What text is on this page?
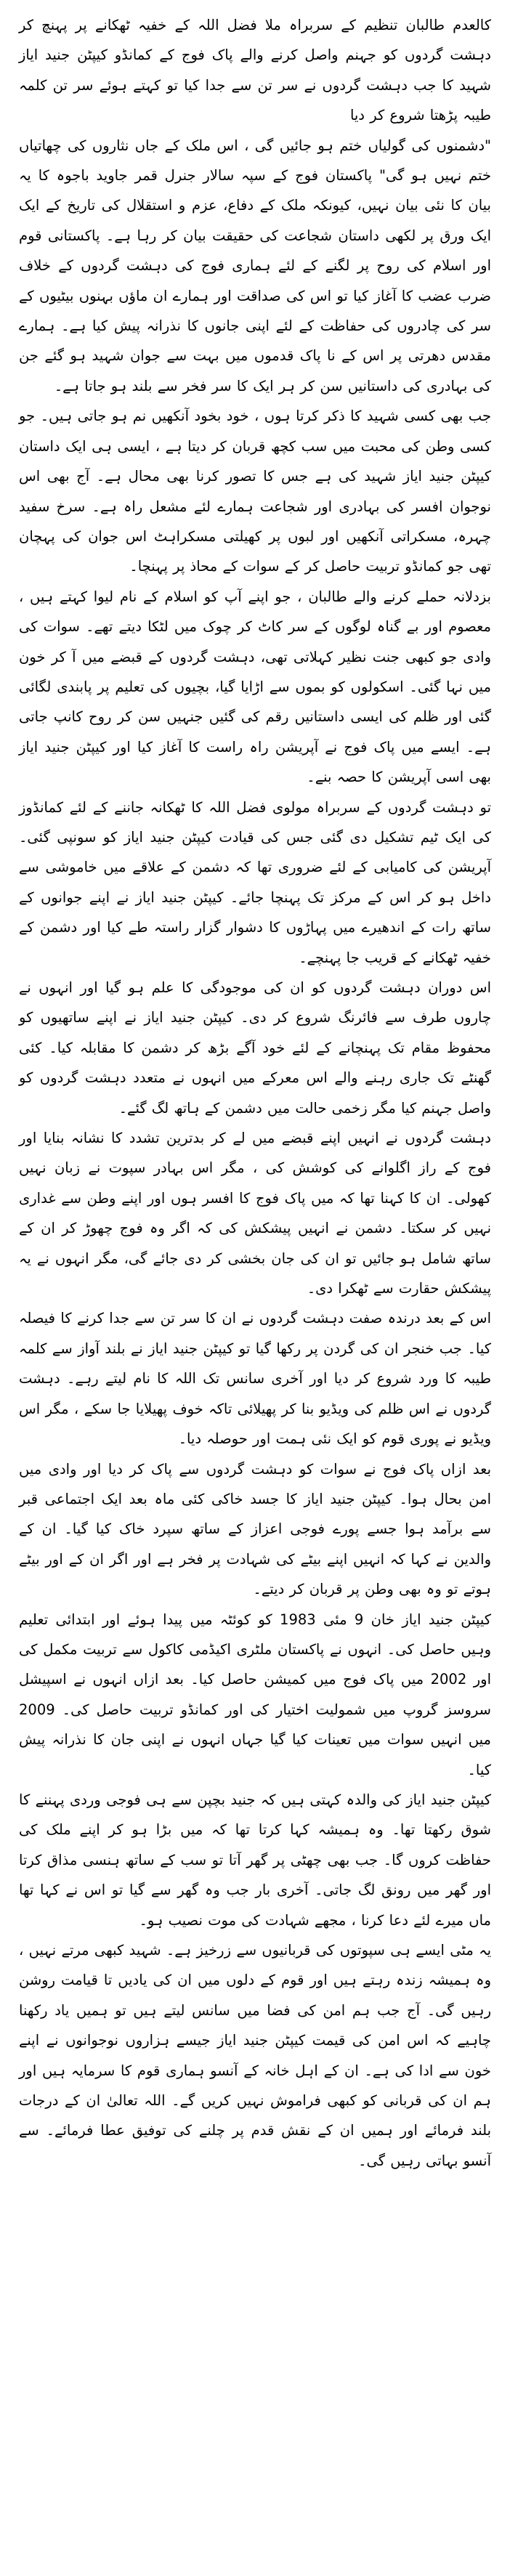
کالعدم طالبان تنظیم کے سربراہ ملا فضل اللہ کے خفیہ ٹھکانے پر پہنچ کر دہشت گردوں کو جہنم واصل کرنے والے پاک فوج کے کمانڈو کیپٹن جنید ایاز شہید کا جب دہشت گردوں نے سر تن سے جدا کیا تو کہتے ہوئے سر تن کلمہ طیبہ پڑھتا شروع کر دیا

"دشمنوں کی گولیاں ختم ہو جائیں گی ، اس ملک کے جاں نثاروں کی چھاتیاں ختم نہیں ہو گی" پاکستان فوج کے سپہ سالار جنرل قمر جاوید باجوہ کا یہ بیان کا نئی بیان نہیں، کیونکہ ملک کے دفاع، عزم و استقلال کی تاریخ کے ایک ایک ورق پر لکھی داستان شجاعت کی حقیقت بیان کر رہا ہے۔ پاکستانی قوم اور اسلام کی روح پر لگنے کے لئے ہماری فوج کی دہشت گردوں کے خلاف ضرب عضب کا آغاز کیا تو اس کی صداقت اور ہمارے ان ماؤں بہنوں بیٹیوں کے سر کی چادروں کی حفاظت کے لئے اپنی جانوں کا نذرانہ پیش کیا ہے۔ ہمارے مقدس دھرتی پر اس کے نا پاک قدموں میں بہت سے جوان شہید ہو گئے جن کی بہادری کی داستانیں سن کر ہر ایک کا سر فخر سے بلند ہو جاتا ہے۔

جب بھی کسی شہید کا ذکر کرتا ہوں ، خود بخود آنکھیں نم ہو جاتی ہیں۔ جو کسی وطن کی محبت میں سب کچھ قربان کر دیتا ہے ، ایسی ہی ایک داستان کیپٹن جنید ایاز شہید کی ہے جس کا تصور کرنا بھی محال ہے۔ آج بھی اس نوجوان افسر کی بہادری اور شجاعت ہمارے لئے مشعل راہ ہے۔ سرخ سفید چہرہ، مسکراتی آنکھیں اور لبوں پر کھیلتی مسکراہٹ اس جوان کی پہچان تھی جو کمانڈو تربیت حاصل کر کے سوات کے محاذ پر پہنچا۔

بزدلانہ حملے کرنے والے طالبان ، جو اپنے آپ کو اسلام کے نام لیوا کہتے ہیں ، معصوم اور بے گناہ لوگوں کے سر کاٹ کر چوک میں لٹکا دیتے تھے۔ سوات کی وادی جو کبھی جنت نظیر کہلاتی تھی، دہشت گردوں کے قبضے میں آ کر خون میں نہا گئی۔ اسکولوں کو بموں سے اڑایا گیا، بچیوں کی تعلیم پر پابندی لگائی گئی اور ظلم کی ایسی داستانیں رقم کی گئیں جنہیں سن کر روح کانپ جاتی ہے۔ ایسے میں پاک فوج نے آپریشن راہ راست کا آغاز کیا اور کیپٹن جنید ایاز بھی اسی آپریشن کا حصہ بنے۔

تو دہشت گردوں کے سربراہ مولوی فضل اللہ کا ٹھکانہ جاننے کے لئے کمانڈوز کی ایک ٹیم تشکیل دی گئی جس کی قیادت کیپٹن جنید ایاز کو سونپی گئی۔ آپریشن کی کامیابی کے لئے ضروری تھا کہ دشمن کے علاقے میں خاموشی سے داخل ہو کر اس کے مرکز تک پہنچا جائے۔ کیپٹن جنید ایاز نے اپنے جوانوں کے ساتھ رات کے اندھیرے میں پہاڑوں کا دشوار گزار راستہ طے کیا اور دشمن کے خفیہ ٹھکانے کے قریب جا پہنچے۔

اس دوران دہشت گردوں کو ان کی موجودگی کا علم ہو گیا اور انہوں نے چاروں طرف سے فائرنگ شروع کر دی۔ کیپٹن جنید ایاز نے اپنے ساتھیوں کو محفوظ مقام تک پہنچانے کے لئے خود آگے بڑھ کر دشمن کا مقابلہ کیا۔ کئی گھنٹے تک جاری رہنے والے اس معرکے میں انہوں نے متعدد دہشت گردوں کو واصل جہنم کیا مگر زخمی حالت میں دشمن کے ہاتھ لگ گئے۔

دہشت گردوں نے انہیں اپنے قبضے میں لے کر بدترین تشدد کا نشانہ بنایا اور فوج کے راز اگلوانے کی کوشش کی ، مگر اس بہادر سپوت نے زبان نہیں کھولی۔ ان کا کہنا تھا کہ میں پاک فوج کا افسر ہوں اور اپنے وطن سے غداری نہیں کر سکتا۔ دشمن نے انہیں پیشکش کی کہ اگر وہ فوج چھوڑ کر ان کے ساتھ شامل ہو جائیں تو ان کی جان بخشی کر دی جائے گی، مگر انہوں نے یہ پیشکش حقارت سے ٹھکرا دی۔

اس کے بعد درندہ صفت دہشت گردوں نے ان کا سر تن سے جدا کرنے کا فیصلہ کیا۔ جب خنجر ان کی گردن پر رکھا گیا تو کیپٹن جنید ایاز نے بلند آواز سے کلمہ طیبہ کا ورد شروع کر دیا اور آخری سانس تک اللہ کا نام لیتے رہے۔ دہشت گردوں نے اس ظلم کی ویڈیو بنا کر پھیلائی تاکہ خوف پھیلایا جا سکے ، مگر اس ویڈیو نے پوری قوم کو ایک نئی ہمت اور حوصلہ دیا۔

بعد ازاں پاک فوج نے سوات کو دہشت گردوں سے پاک کر دیا اور وادی میں امن بحال ہوا۔ کیپٹن جنید ایاز کا جسد خاکی کئی ماہ بعد ایک اجتماعی قبر سے برآمد ہوا جسے پورے فوجی اعزاز کے ساتھ سپرد خاک کیا گیا۔ ان کے والدین نے کہا کہ انہیں اپنے بیٹے کی شہادت پر فخر ہے اور اگر ان کے اور بیٹے ہوتے تو وہ بھی وطن پر قربان کر دیتے۔

کیپٹن جنید ایاز خان 9 مئی 1983 کو کوئٹہ میں پیدا ہوئے اور ابتدائی تعلیم وہیں حاصل کی۔ انہوں نے پاکستان ملٹری اکیڈمی کاکول سے تربیت مکمل کی اور 2002 میں پاک فوج میں کمیشن حاصل کیا۔ بعد ازاں انہوں نے اسپیشل سروسز گروپ میں شمولیت اختیار کی اور کمانڈو تربیت حاصل کی۔ 2009 میں انہیں سوات میں تعینات کیا گیا جہاں انہوں نے اپنی جان کا نذرانہ پیش کیا۔

کیپٹن جنید ایاز کی والدہ کہتی ہیں کہ جنید بچپن سے ہی فوجی وردی پہننے کا شوق رکھتا تھا۔ وہ ہمیشہ کہا کرتا تھا کہ میں بڑا ہو کر اپنے ملک کی حفاظت کروں گا۔ جب بھی چھٹی پر گھر آتا تو سب کے ساتھ ہنسی مذاق کرتا اور گھر میں رونق لگ جاتی۔ آخری بار جب وہ گھر سے گیا تو اس نے کہا تھا ماں میرے لئے دعا کرنا ، مجھے شہادت کی موت نصیب ہو۔

یہ مٹی ایسے ہی سپوتوں کی قربانیوں سے زرخیز ہے۔ شہید کبھی مرتے نہیں ، وہ ہمیشہ زندہ رہتے ہیں اور قوم کے دلوں میں ان کی یادیں تا قیامت روشن رہیں گی۔ آج جب ہم امن کی فضا میں سانس لیتے ہیں تو ہمیں یاد رکھنا چاہیے کہ اس امن کی قیمت کیپٹن جنید ایاز جیسے ہزاروں نوجوانوں نے اپنے خون سے ادا کی ہے۔ ان کے اہل خانہ کے آنسو ہماری قوم کا سرمایہ ہیں اور ہم ان کی قربانی کو کبھی فراموش نہیں کریں گے۔ اللہ تعالیٰ ان کے درجات بلند فرمائے اور ہمیں ان کے نقش قدم پر چلنے کی توفیق عطا فرمائے۔ سے آنسو بہاتی رہیں گی۔
